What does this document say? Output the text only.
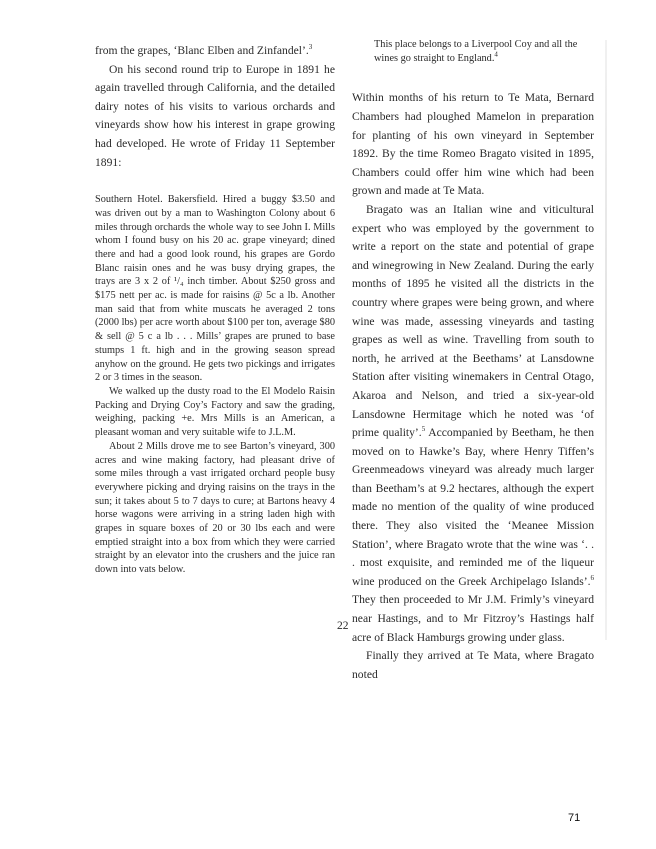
from the grapes, ‘Blanc Elben and Zinfandel’.$^3$

On his second round trip to Europe in 1891 he again travelled through California, and the detailed dairy notes of his visits to various orchards and vineyards show how his interest in grape growing had developed. He wrote of Friday 11 September 1891:

Southern Hotel. Bakersfield. Hired a buggy $3.50 and was driven out by a man to Washington Colony about 6 miles through orchards the whole way to see John I. Mills whom I found busy on his 20 ac. grape vineyard; dined there and had a good look round, his grapes are Gordo Blanc raisin ones and he was busy drying grapes, the trays are 3 x 2 of ¹/₄ inch timber. About $250 gross and $175 nett per ac. is made for raisins @ 5c a lb. Another man said that from white muscats he averaged 2 tons (2000 lbs) per acre worth about $100 per ton, average $80 & sell @ 5 c a lb . . . Mills’ grapes are pruned to base stumps 1 ft. high and in the growing season spread anyhow on the ground. He gets two pickings and irrigates 2 or 3 times in the season.

We walked up the dusty road to the El Modelo Raisin Packing and Drying Coy’s Factory and saw the grading, weighing, packing +e. Mrs Mills is an American, a pleasant woman and very suitable wife to J.L.M.

About 2 Mills drove me to see Barton’s vineyard, 300 acres and wine making factory, had pleasant drive of some miles through a vast irrigated orchard people busy everywhere picking and drying raisins on the trays in the sun; it takes about 5 to 7 days to cure; at Bartons heavy 4 horse wagons were arriving in a string laden high with grapes in square boxes of 20 or 30 lbs each and were emptied straight into a box from which they were carried straight by an elevator into the crushers and the juice ran down into vats below.

This place belongs to a Liverpool Coy and all the wines go straight to England.$^4$

Within months of his return to Te Mata, Bernard Chambers had ploughed Mamelon in preparation for planting of his own vineyard in September 1892. By the time Romeo Bragato visited in 1895, Chambers could offer him wine which had been grown and made at Te Mata.

Bragato was an Italian wine and viticultural expert who was employed by the government to write a report on the state and potential of grape and winegrowing in New Zealand. During the early months of 1895 he visited all the districts in the country where grapes were being grown, and where wine was made, assessing vineyards and tasting grapes as well as wine. Travelling from south to north, he arrived at the Beethams’ at Lansdowne Station after visiting winemakers in Central Otago, Akaroa and Nelson, and tried a six-year-old Lansdowne Hermitage which he noted was ‘of prime quality’.$^5$ Accompanied by Beetham, he then moved on to Hawke’s Bay, where Henry Tiffen’s Greenmeadows vineyard was already much larger than Beetham’s at 9.2 hectares, although the expert made no mention of the quality of wine produced there. They also visited the ‘Meanee Mission Station’, where Bragato wrote that the wine was ‘. . . most exquisite, and reminded me of the liqueur wine produced on the Greek Archipelago Islands’.$^6$ They then proceeded to Mr J.M. Frimly’s vineyard near Hastings, and to Mr Fitzroy’s Hastings half acre of Black Hamburgs growing under glass.

Finally they arrived at Te Mata, where Bragato noted

22
71
